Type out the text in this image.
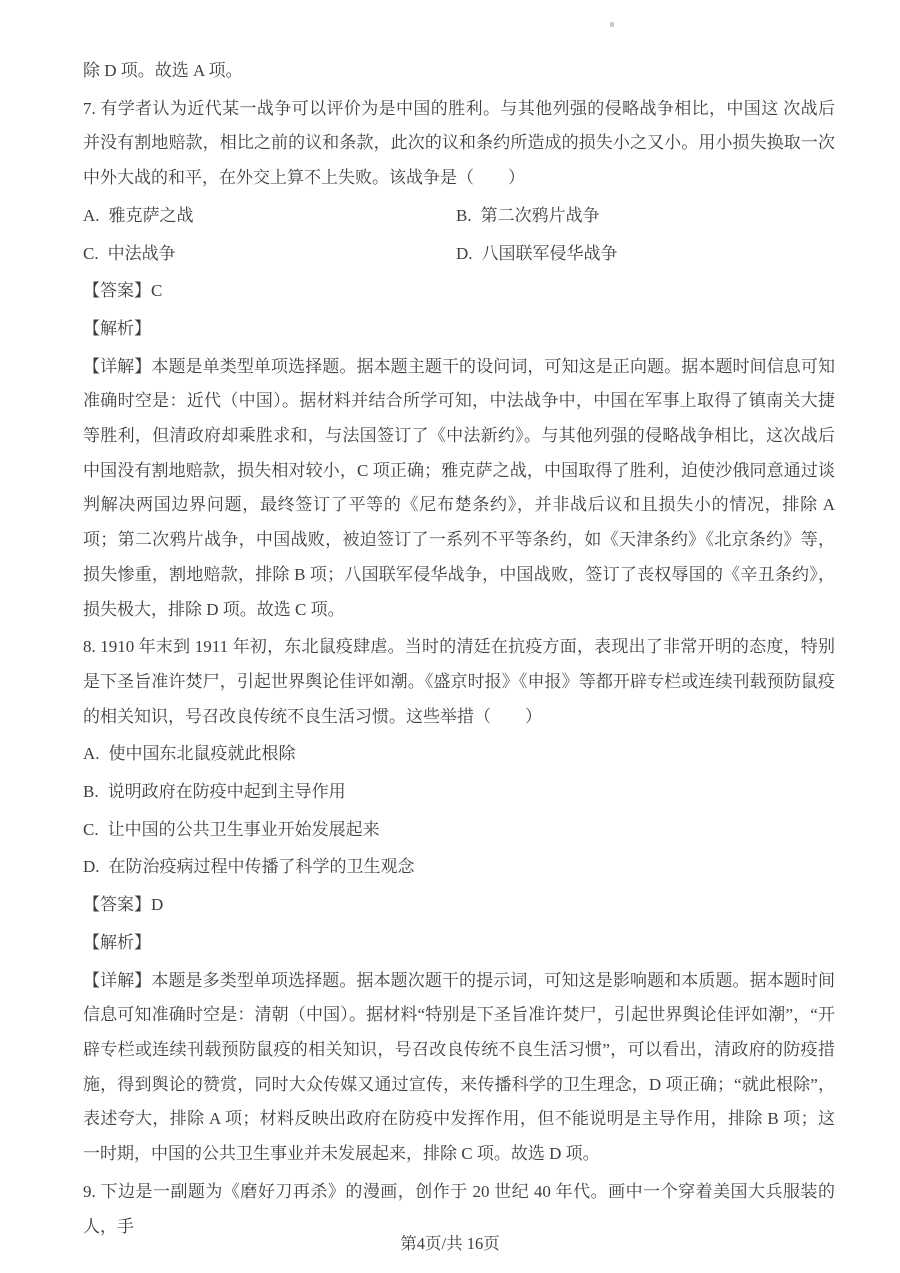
除 D 项。故选 A 项。

7. 有学者认为近代某一战争可以评价为是中国的胜利。与其他列强的侵略战争相比，中国这 次战后并没有割地赔款，相比之前的议和条款，此次的议和条约所造成的损失小之又小。用小损失换取一次中外大战的和平，在外交上算不上失败。该战争是（　　）

A. 雅克萨之战	B. 第二次鸦片战争
C. 中法战争	D. 八国联军侵华战争

【答案】C

【解析】

【详解】本题是单类型单项选择题。据本题主题干的设问词，可知这是正向题。据本题时间信息可知准确时空是：近代（中国）。据材料并结合所学可知，中法战争中，中国在军事上取得了镇南关大捷等胜利，但清政府却乘胜求和，与法国签订了《中法新约》。与其他列强的侵略战争相比，这次战后中国没有割地赔款，损失相对较小，C 项正确；雅克萨之战，中国取得了胜利，迫使沙俄同意通过谈判解决两国边界问题，最终签订了平等的《尼布楚条约》，并非战后议和且损失小的情况，排除 A 项；第二次鸦片战争，中国战败，被迫签订了一系列不平等条约，如《天津条约》《北京条约》等，损失惨重，割地赔款，排除 B 项；八国联军侵华战争，中国战败，签订了丧权辱国的《辛丑条约》，损失极大，排除 D 项。故选 C 项。

8. 1910 年末到 1911 年初，东北鼠疫肆虐。当时的清廷在抗疫方面，表现出了非常开明的态度，特别是下圣旨准许焚尸，引起世界舆论佳评如潮。《盛京时报》《申报》等都开辟专栏或连续刊载预防鼠疫的相关知识，号召改良传统不良生活习惯。这些举措（　　）

A. 使中国东北鼠疫就此根除
B. 说明政府在防疫中起到主导作用
C. 让中国的公共卫生事业开始发展起来
D. 在防治疫病过程中传播了科学的卫生观念

【答案】D

【解析】

【详解】本题是多类型单项选择题。据本题次题干的提示词，可知这是影响题和本质题。据本题时间信息可知准确时空是：清朝（中国）。据材料“特别是下圣旨准许焚尸，引起世界舆论佳评如潮”，“开辟专栏或连续刊载预防鼠疫的相关知识，号召改良传统不良生活习惯”，可以看出，清政府的防疫措施，得到舆论的赞赏，同时大众传媒又通过宣传，来传播科学的卫生理念，D 项正确；“就此根除”，表述夸大，排除 A 项；材料反映出政府在防疫中发挥作用，但不能说明是主导作用，排除 B 项；这一时期，中国的公共卫生事业并未发展起来，排除 C 项。故选 D 项。

9. 下边是一副题为《磨好刀再杀》的漫画，创作于 20 世纪 40 年代。画中一个穿着美国大兵服装的人，手

第4页/共 16页
